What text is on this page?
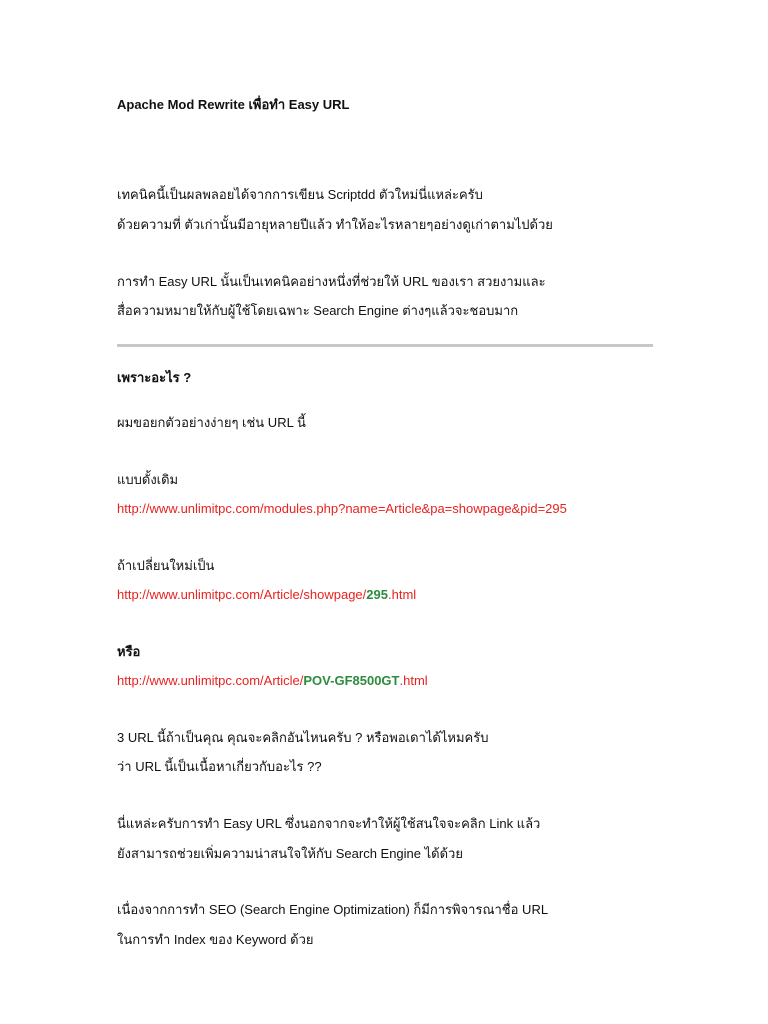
Apache Mod Rewrite เพื่อทำ Easy URL
เทคนิคนี้เป็นผลพลอยได้จากการเขียน Scriptdd ตัวใหม่นี่แหล่ะครับ
ด้วยความที่ ตัวเก่านั้นมีอายุหลายปีแล้ว ทำให้อะไรหลายๆอย่างดูเก่าตามไปด้วย
การทำ Easy URL นั้นเป็นเทคนิคอย่างหนึ่งที่ช่วยให้ URL ของเรา สวยงามและ
สื่อความหมายให้กับผู้ใช้โดยเฉพาะ Search Engine ต่างๆแล้วจะชอบมาก
เพราะอะไร ?
ผมขอยกตัวอย่างง่ายๆ เช่น URL นี้
แบบดั้งเดิม
http://www.unlimitpc.com/modules.php?name=Article&pa=showpage&pid=295
ถ้าเปลี่ยนใหม่เป็น
http://www.unlimitpc.com/Article/showpage/295.html
หรือ
http://www.unlimitpc.com/Article/POV-GF8500GT.html
3 URL นี้ถ้าเป็นคุณ คุณจะคลิกอันไหนครับ ? หรือพอเดาได้ไหมครับ
ว่า URL นี้เป็นเนื้อหาเกี่ยวกับอะไร ??
นี่แหล่ะครับการทำ Easy URL ซึ่งนอกจากจะทำให้ผู้ใช้สนใจจะคลิก Link แล้ว
ยังสามารถช่วยเพิ่มความน่าสนใจให้กับ Search Engine ได้ด้วย
เนื่องจากการทำ SEO (Search Engine Optimization) ก็มีการพิจารณาชื่อ URL
ในการทำ Index ของ Keyword ด้วย
